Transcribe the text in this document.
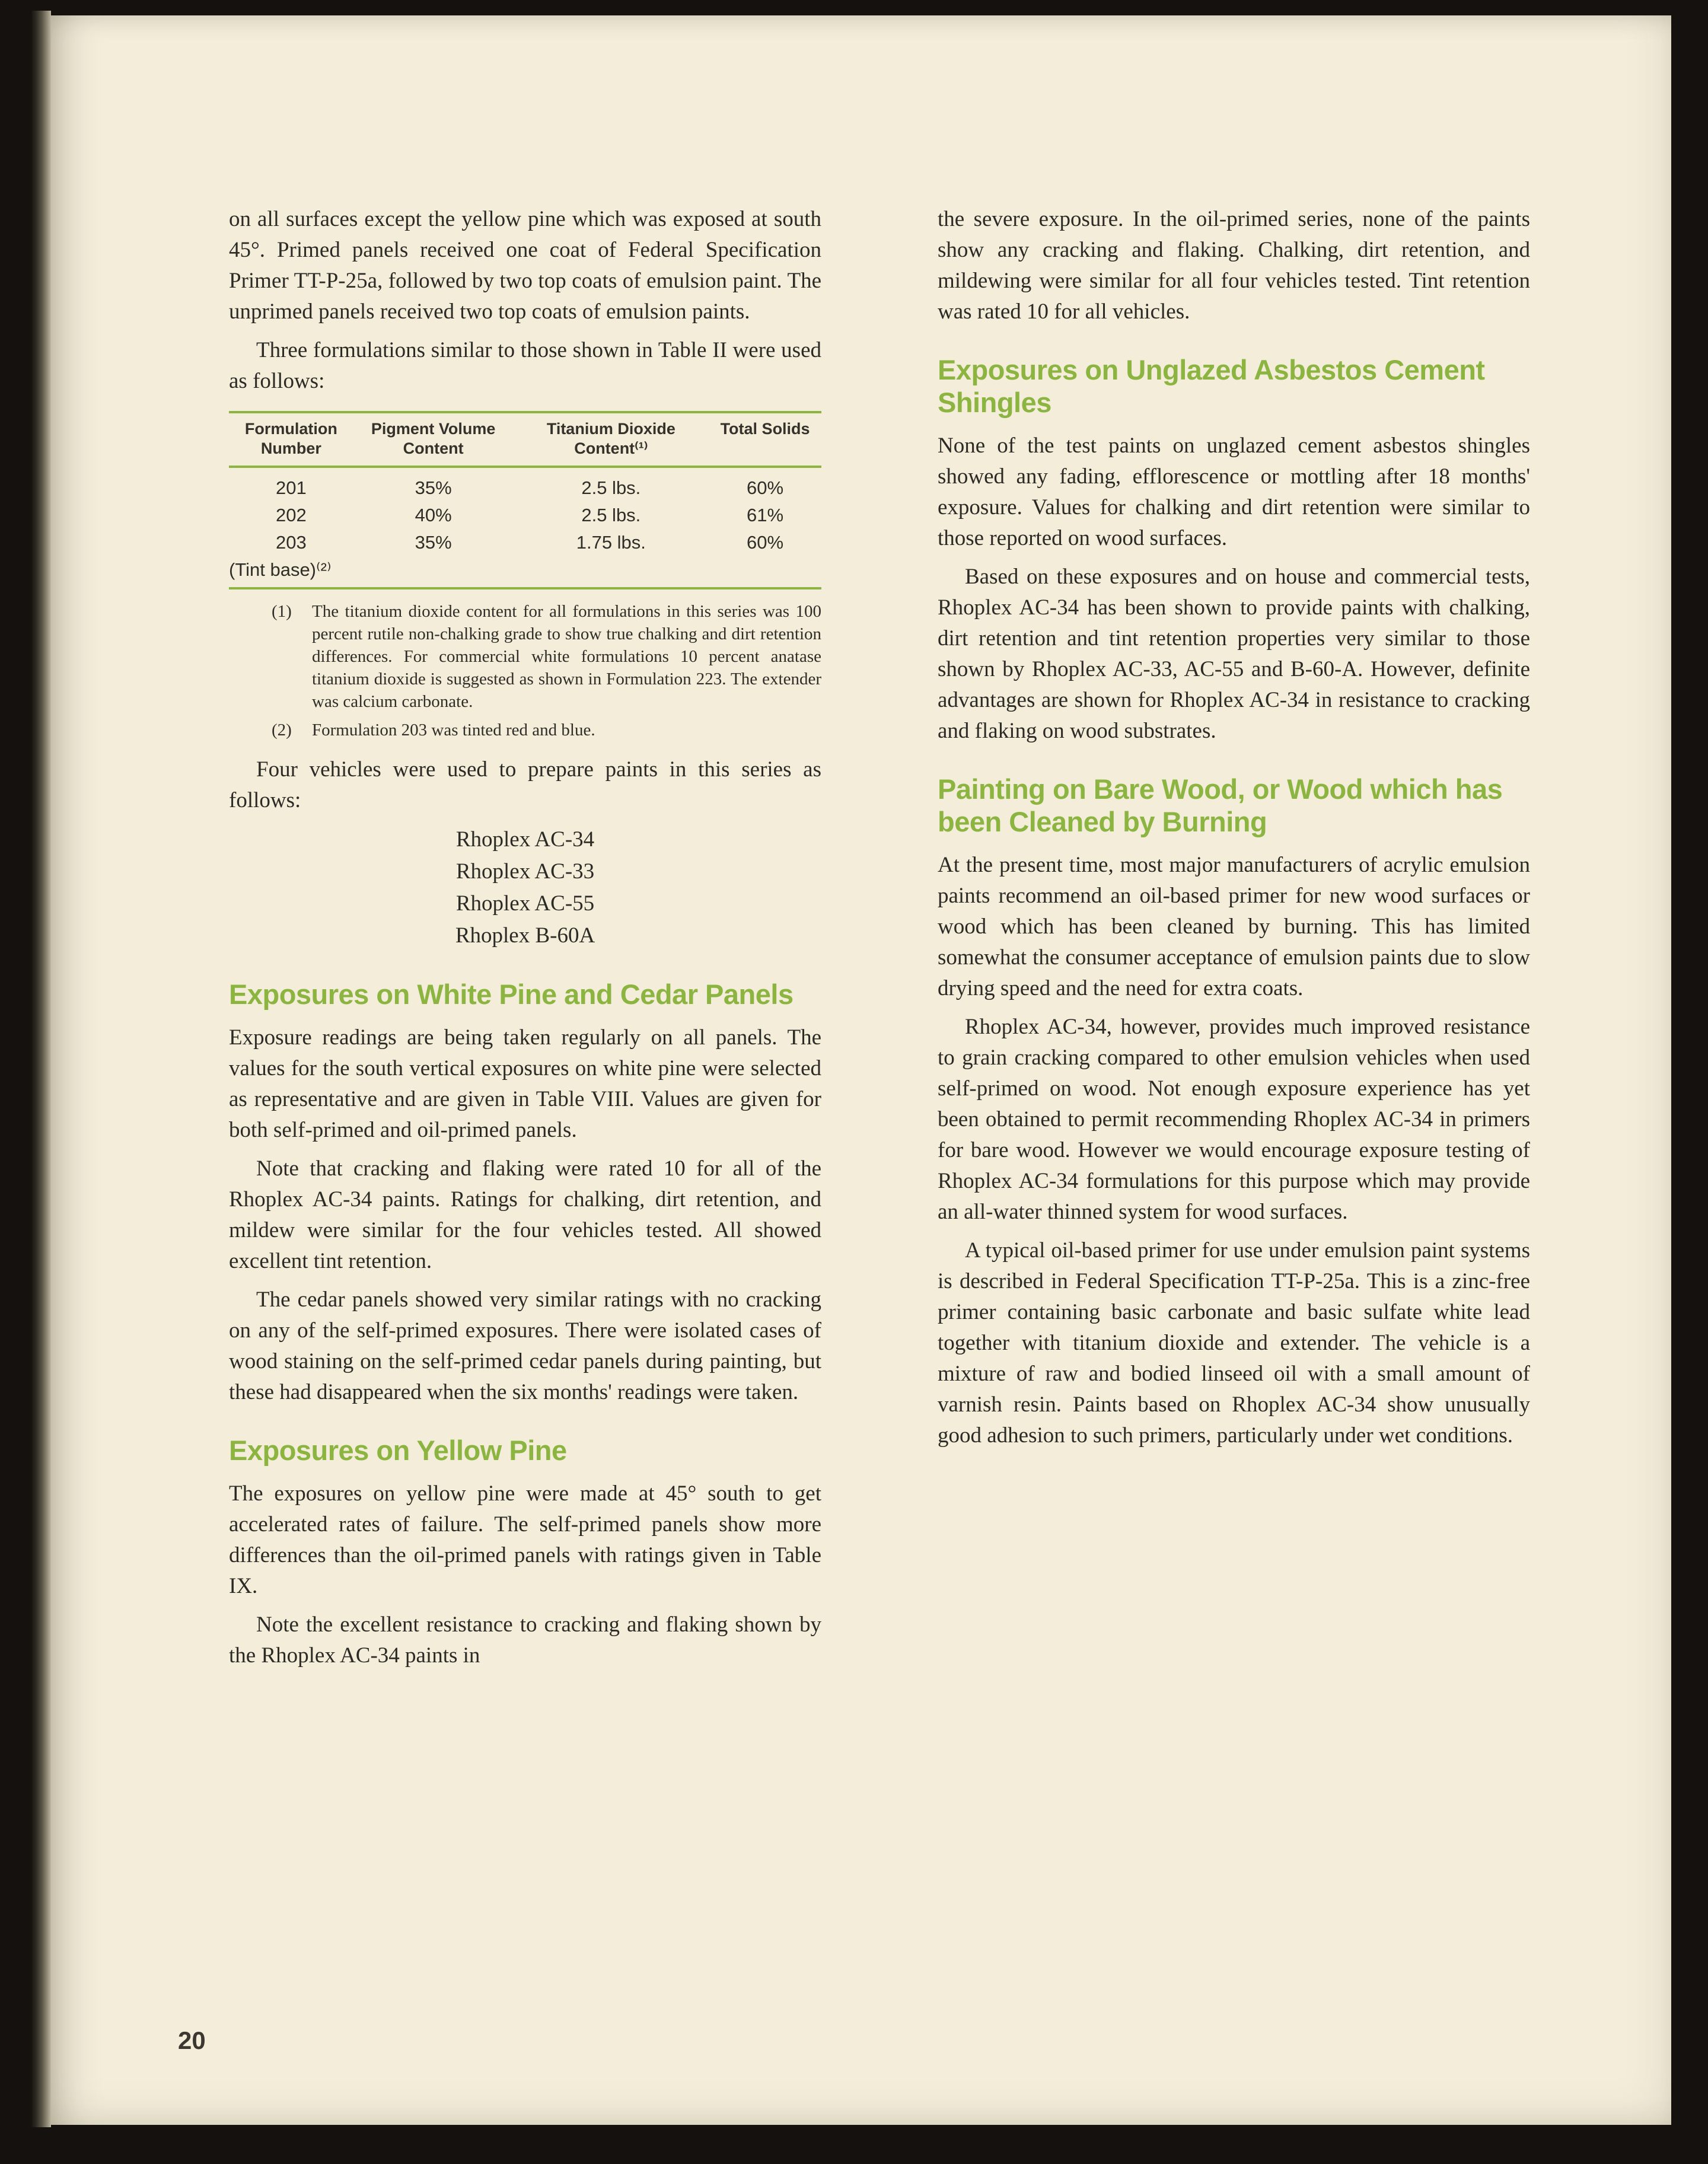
on all surfaces except the yellow pine which was exposed at south 45°. Primed panels received one coat of Federal Specification Primer TT-P-25a, followed by two top coats of emulsion paint. The unprimed panels received two top coats of emulsion paints.

Three formulations similar to those shown in Table II were used as follows:

Formulation Number	Pigment Volume Content	Titanium Dioxide Content⁽¹⁾	Total Solids
201	35%	2.5 lbs.	60%
202	40%	2.5 lbs.	61%
203	35%	1.75 lbs.	60%
(Tint base)⁽²⁾			
(1) The titanium dioxide content for all formulations in this series was 100 percent rutile non-chalking grade to show true chalking and dirt retention differences. For commercial white formulations 10 percent anatase titanium dioxide is suggested as shown in Formulation 223. The extender was calcium carbonate.
(2) Formulation 203 was tinted red and blue.

Four vehicles were used to prepare paints in this series as follows:

Rhoplex AC-34
Rhoplex AC-33
Rhoplex AC-55
Rhoplex B-60A
Exposures on White Pine and Cedar Panels

Exposure readings are being taken regularly on all panels. The values for the south vertical exposures on white pine were selected as representative and are given in Table VIII. Values are given for both self-primed and oil-primed panels.

Note that cracking and flaking were rated 10 for all of the Rhoplex AC-34 paints. Ratings for chalking, dirt retention, and mildew were similar for the four vehicles tested. All showed excellent tint retention.

The cedar panels showed very similar ratings with no cracking on any of the self-primed exposures. There were isolated cases of wood staining on the self-primed cedar panels during painting, but these had disappeared when the six months' readings were taken.

Exposures on Yellow Pine

The exposures on yellow pine were made at 45° south to get accelerated rates of failure. The self-primed panels show more differences than the oil-primed panels with ratings given in Table IX.

Note the excellent resistance to cracking and flaking shown by the Rhoplex AC-34 paints in

the severe exposure. In the oil-primed series, none of the paints show any cracking and flaking. Chalking, dirt retention, and mildewing were similar for all four vehicles tested. Tint retention was rated 10 for all vehicles.

Exposures on Unglazed Asbestos Cement Shingles

None of the test paints on unglazed cement asbestos shingles showed any fading, efflorescence or mottling after 18 months' exposure. Values for chalking and dirt retention were similar to those reported on wood surfaces.

Based on these exposures and on house and commercial tests, Rhoplex AC-34 has been shown to provide paints with chalking, dirt retention and tint retention properties very similar to those shown by Rhoplex AC-33, AC-55 and B-60-A. However, definite advantages are shown for Rhoplex AC-34 in resistance to cracking and flaking on wood substrates.

Painting on Bare Wood, or Wood which has been Cleaned by Burning

At the present time, most major manufacturers of acrylic emulsion paints recommend an oil-based primer for new wood surfaces or wood which has been cleaned by burning. This has limited somewhat the consumer acceptance of emulsion paints due to slow drying speed and the need for extra coats.

Rhoplex AC-34, however, provides much improved resistance to grain cracking compared to other emulsion vehicles when used self-primed on wood. Not enough exposure experience has yet been obtained to permit recommending Rhoplex AC-34 in primers for bare wood. However we would encourage exposure testing of Rhoplex AC-34 formulations for this purpose which may provide an all-water thinned system for wood surfaces.

A typical oil-based primer for use under emulsion paint systems is described in Federal Specification TT-P-25a. This is a zinc-free primer containing basic carbonate and basic sulfate white lead together with titanium dioxide and extender. The vehicle is a mixture of raw and bodied linseed oil with a small amount of varnish resin. Paints based on Rhoplex AC-34 show unusually good adhesion to such primers, particularly under wet conditions.

20
